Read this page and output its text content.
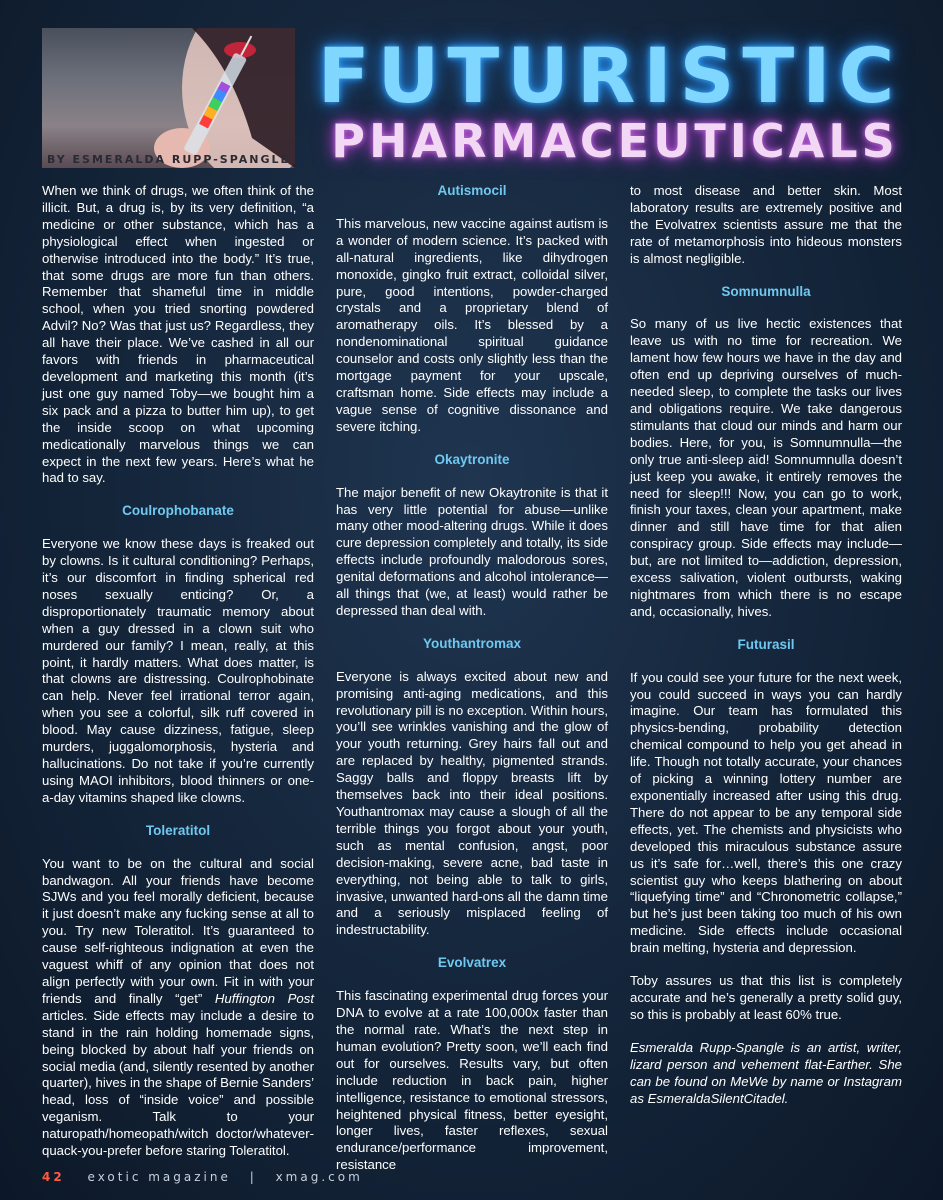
BY ESMERALDA RUPP-SPANGLE
FUTURISTIC
PHARMACEUTICALS

When we think of drugs, we often think of the illicit. But, a drug is, by its very definition, “a medicine or other substance, which has a physiological effect when ingested or otherwise introduced into the body.” It’s true, that some drugs are more fun than others. Remember that shameful time in middle school, when you tried snorting powdered Advil? No? Was that just us? Regardless, they all have their place. We’ve cashed in all our favors with friends in pharmaceutical development and marketing this month (it’s just one guy named Toby—we bought him a six pack and a pizza to butter him up), to get the inside scoop on what upcoming medicationally marvelous things we can expect in the next few years. Here’s what he had to say.

Coulrophobanate

Everyone we know these days is freaked out by clowns. Is it cultural conditioning? Perhaps, it’s our discomfort in finding spherical red noses sexually enticing? Or, a disproportionately traumatic memory about when a guy dressed in a clown suit who murdered our family? I mean, really, at this point, it hardly matters. What does matter, is that clowns are distressing. Coulrophobinate can help. Never feel irrational terror again, when you see a colorful, silk ruff covered in blood. May cause dizziness, fatigue, sleep murders, juggalomorphosis, hysteria and hallucinations. Do not take if you’re currently using MAOI inhibitors, blood thinners or one-a-day vitamins shaped like clowns.

Toleratitol

You want to be on the cultural and social bandwagon. All your friends have become SJWs and you feel morally deficient, because it just doesn’t make any fucking sense at all to you. Try new Toleratitol. It’s guaranteed to cause self-righteous indignation at even the vaguest whiff of any opinion that does not align perfectly with your own. Fit in with your friends and finally “get” Huffington Post articles. Side effects may include a desire to stand in the rain holding homemade signs, being blocked by about half your friends on social media (and, silently resented by another quarter), hives in the shape of Bernie Sanders’ head, loss of “inside voice” and possible veganism. Talk to your naturopath/homeopath/witch doctor/whatever-quack-you-prefer before staring Toleratitol.

Autismocil

This marvelous, new vaccine against autism is a wonder of modern science. It’s packed with all-natural ingredients, like dihydrogen monoxide, gingko fruit extract, colloidal silver, pure, good intentions, powder-charged crystals and a proprietary blend of aromatherapy oils. It’s blessed by a nondenominational spiritual guidance counselor and costs only slightly less than the mortgage payment for your upscale, craftsman home. Side effects may include a vague sense of cognitive dissonance and severe itching.

Okaytronite

The major benefit of new Okaytronite is that it has very little potential for abuse—unlike many other mood-altering drugs. While it does cure depression completely and totally, its side effects include profoundly malodorous sores, genital deformations and alcohol intolerance—all things that (we, at least) would rather be depressed than deal with.

Youthantromax

Everyone is always excited about new and promising anti-aging medications, and this revolutionary pill is no exception. Within hours, you’ll see wrinkles vanishing and the glow of your youth returning. Grey hairs fall out and are replaced by healthy, pigmented strands. Saggy balls and floppy breasts lift by themselves back into their ideal positions. Youthantromax may cause a slough of all the terrible things you forgot about your youth, such as mental confusion, angst, poor decision-making, severe acne, bad taste in everything, not being able to talk to girls, invasive, unwanted hard-ons all the damn time and a seriously misplaced feeling of indestructability.

Evolvatrex

This fascinating experimental drug forces your DNA to evolve at a rate 100,000x faster than the normal rate. What’s the next step in human evolution? Pretty soon, we’ll each find out for ourselves. Results vary, but often include reduction in back pain, higher intelligence, resistance to emotional stressors, heightened physical fitness, better eyesight, longer lives, faster reflexes, sexual endurance/performance improvement, resistance

to most disease and better skin. Most laboratory results are extremely positive and the Evolvatrex scientists assure me that the rate of metamorphosis into hideous monsters is almost negligible.

Somnumnulla

So many of us live hectic existences that leave us with no time for recreation. We lament how few hours we have in the day and often end up depriving ourselves of much-needed sleep, to complete the tasks our lives and obligations require. We take dangerous stimulants that cloud our minds and harm our bodies. Here, for you, is Somnumnulla—the only true anti-sleep aid! Somnumnulla doesn’t just keep you awake, it entirely removes the need for sleep!!! Now, you can go to work, finish your taxes, clean your apartment, make dinner and still have time for that alien conspiracy group. Side effects may include—but, are not limited to—addiction, depression, excess salivation, violent outbursts, waking nightmares from which there is no escape and, occasionally, hives.

Futurasil

If you could see your future for the next week, you could succeed in ways you can hardly imagine. Our team has formulated this physics-bending, probability detection chemical compound to help you get ahead in life. Though not totally accurate, your chances of picking a winning lottery number are exponentially increased after using this drug. There do not appear to be any temporal side effects, yet. The chemists and physicists who developed this miraculous substance assure us it’s safe for…well, there’s this one crazy scientist guy who keeps blathering on about “liquefying time” and “Chronometric collapse,” but he’s just been taking too much of his own medicine. Side effects include occasional brain melting, hysteria and depression.

Toby assures us that this list is completely accurate and he’s generally a pretty solid guy, so this is probably at least 60% true.

Esmeralda Rupp-Spangle is an artist, writer, lizard person and vehement flat-Earther. She can be found on MeWe by name or Instagram as EsmeraldaSilentCitadel.

42 exotic magazine | xmag.com
